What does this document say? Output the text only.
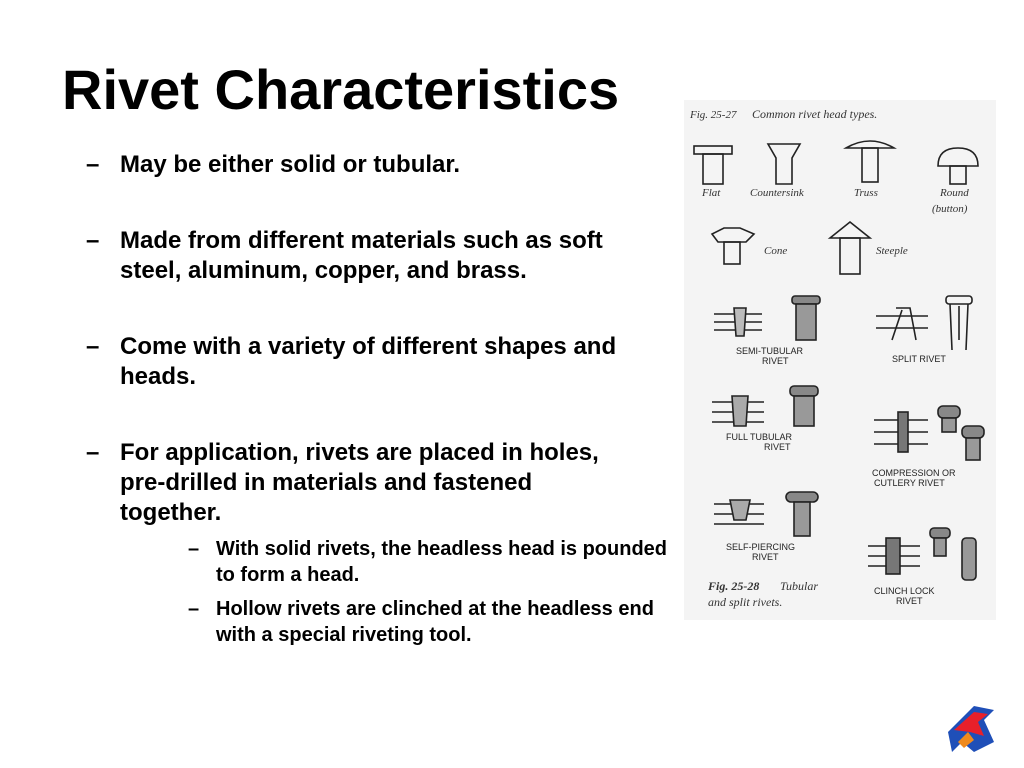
Rivet Characteristics
– May be either solid or tubular.
– Made from different materials such as soft steel, aluminum, copper, and brass.
– Come with a variety of different shapes and heads.
– For application, rivets are placed in holes, pre-drilled in materials and fastened together.
– With solid rivets, the headless head is pounded to form a head.
– Hollow rivets are clinched at the headless end with a special riveting tool.
Fig. 25-27 Common rivet head types.
Flat	Countersink	Truss	Round
(button)
Cone	Steeple
SEMI-TUBULAR
RIVET	SPLIT RIVET
FULL TUBULAR
RIVET
COMPRESSION OR
CUTLERY RIVET
SELF-PIERCING
RIVET
CLINCH LOCK
RIVET
Fig. 25-28 Tubular
and split rivets.
